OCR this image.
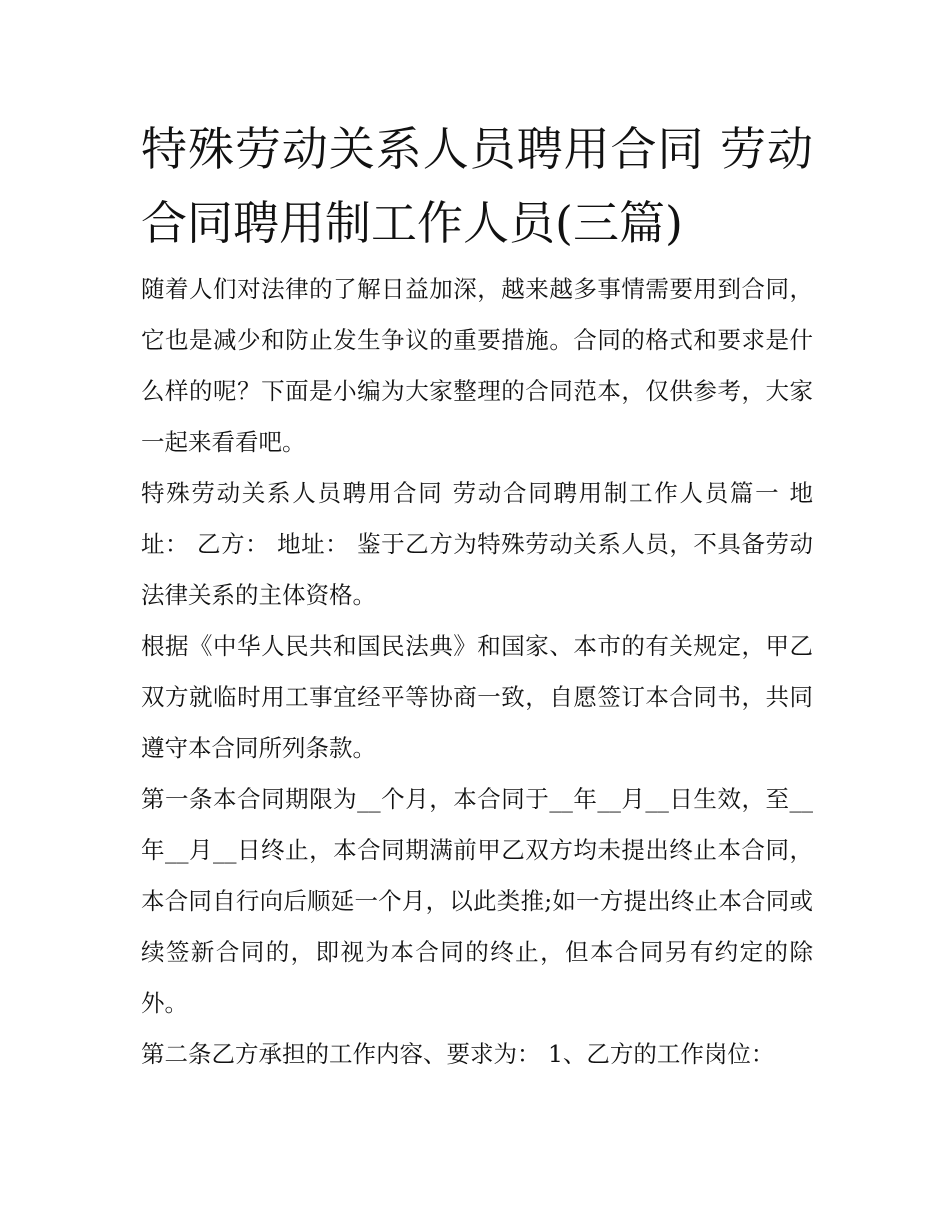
特殊劳动关系人员聘用合同 劳动合同聘用制工作人员(三篇)

随着人们对法律的了解日益加深，越来越多事情需要用到合同，它也是减少和防止发生争议的重要措施。合同的格式和要求是什么样的呢？下面是小编为大家整理的合同范本，仅供参考，大家一起来看看吧。

特殊劳动关系人员聘用合同 劳动合同聘用制工作人员篇一 地址： 乙方： 地址： 鉴于乙方为特殊劳动关系人员，不具备劳动法律关系的主体资格。

根据《中华人民共和国民法典》和国家、本市的有关规定，甲乙双方就临时用工事宜经平等协商一致，自愿签订本合同书，共同遵守本合同所列条款。

第一条本合同期限为__个月，本合同于__年__月__日生效，至__年__月__日终止，本合同期满前甲乙双方均未提出终止本合同，本合同自行向后顺延一个月，以此类推;如一方提出终止本合同或续签新合同的，即视为本合同的终止，但本合同另有约定的除外。

第二条乙方承担的工作内容、要求为： 1、乙方的工作岗位：
